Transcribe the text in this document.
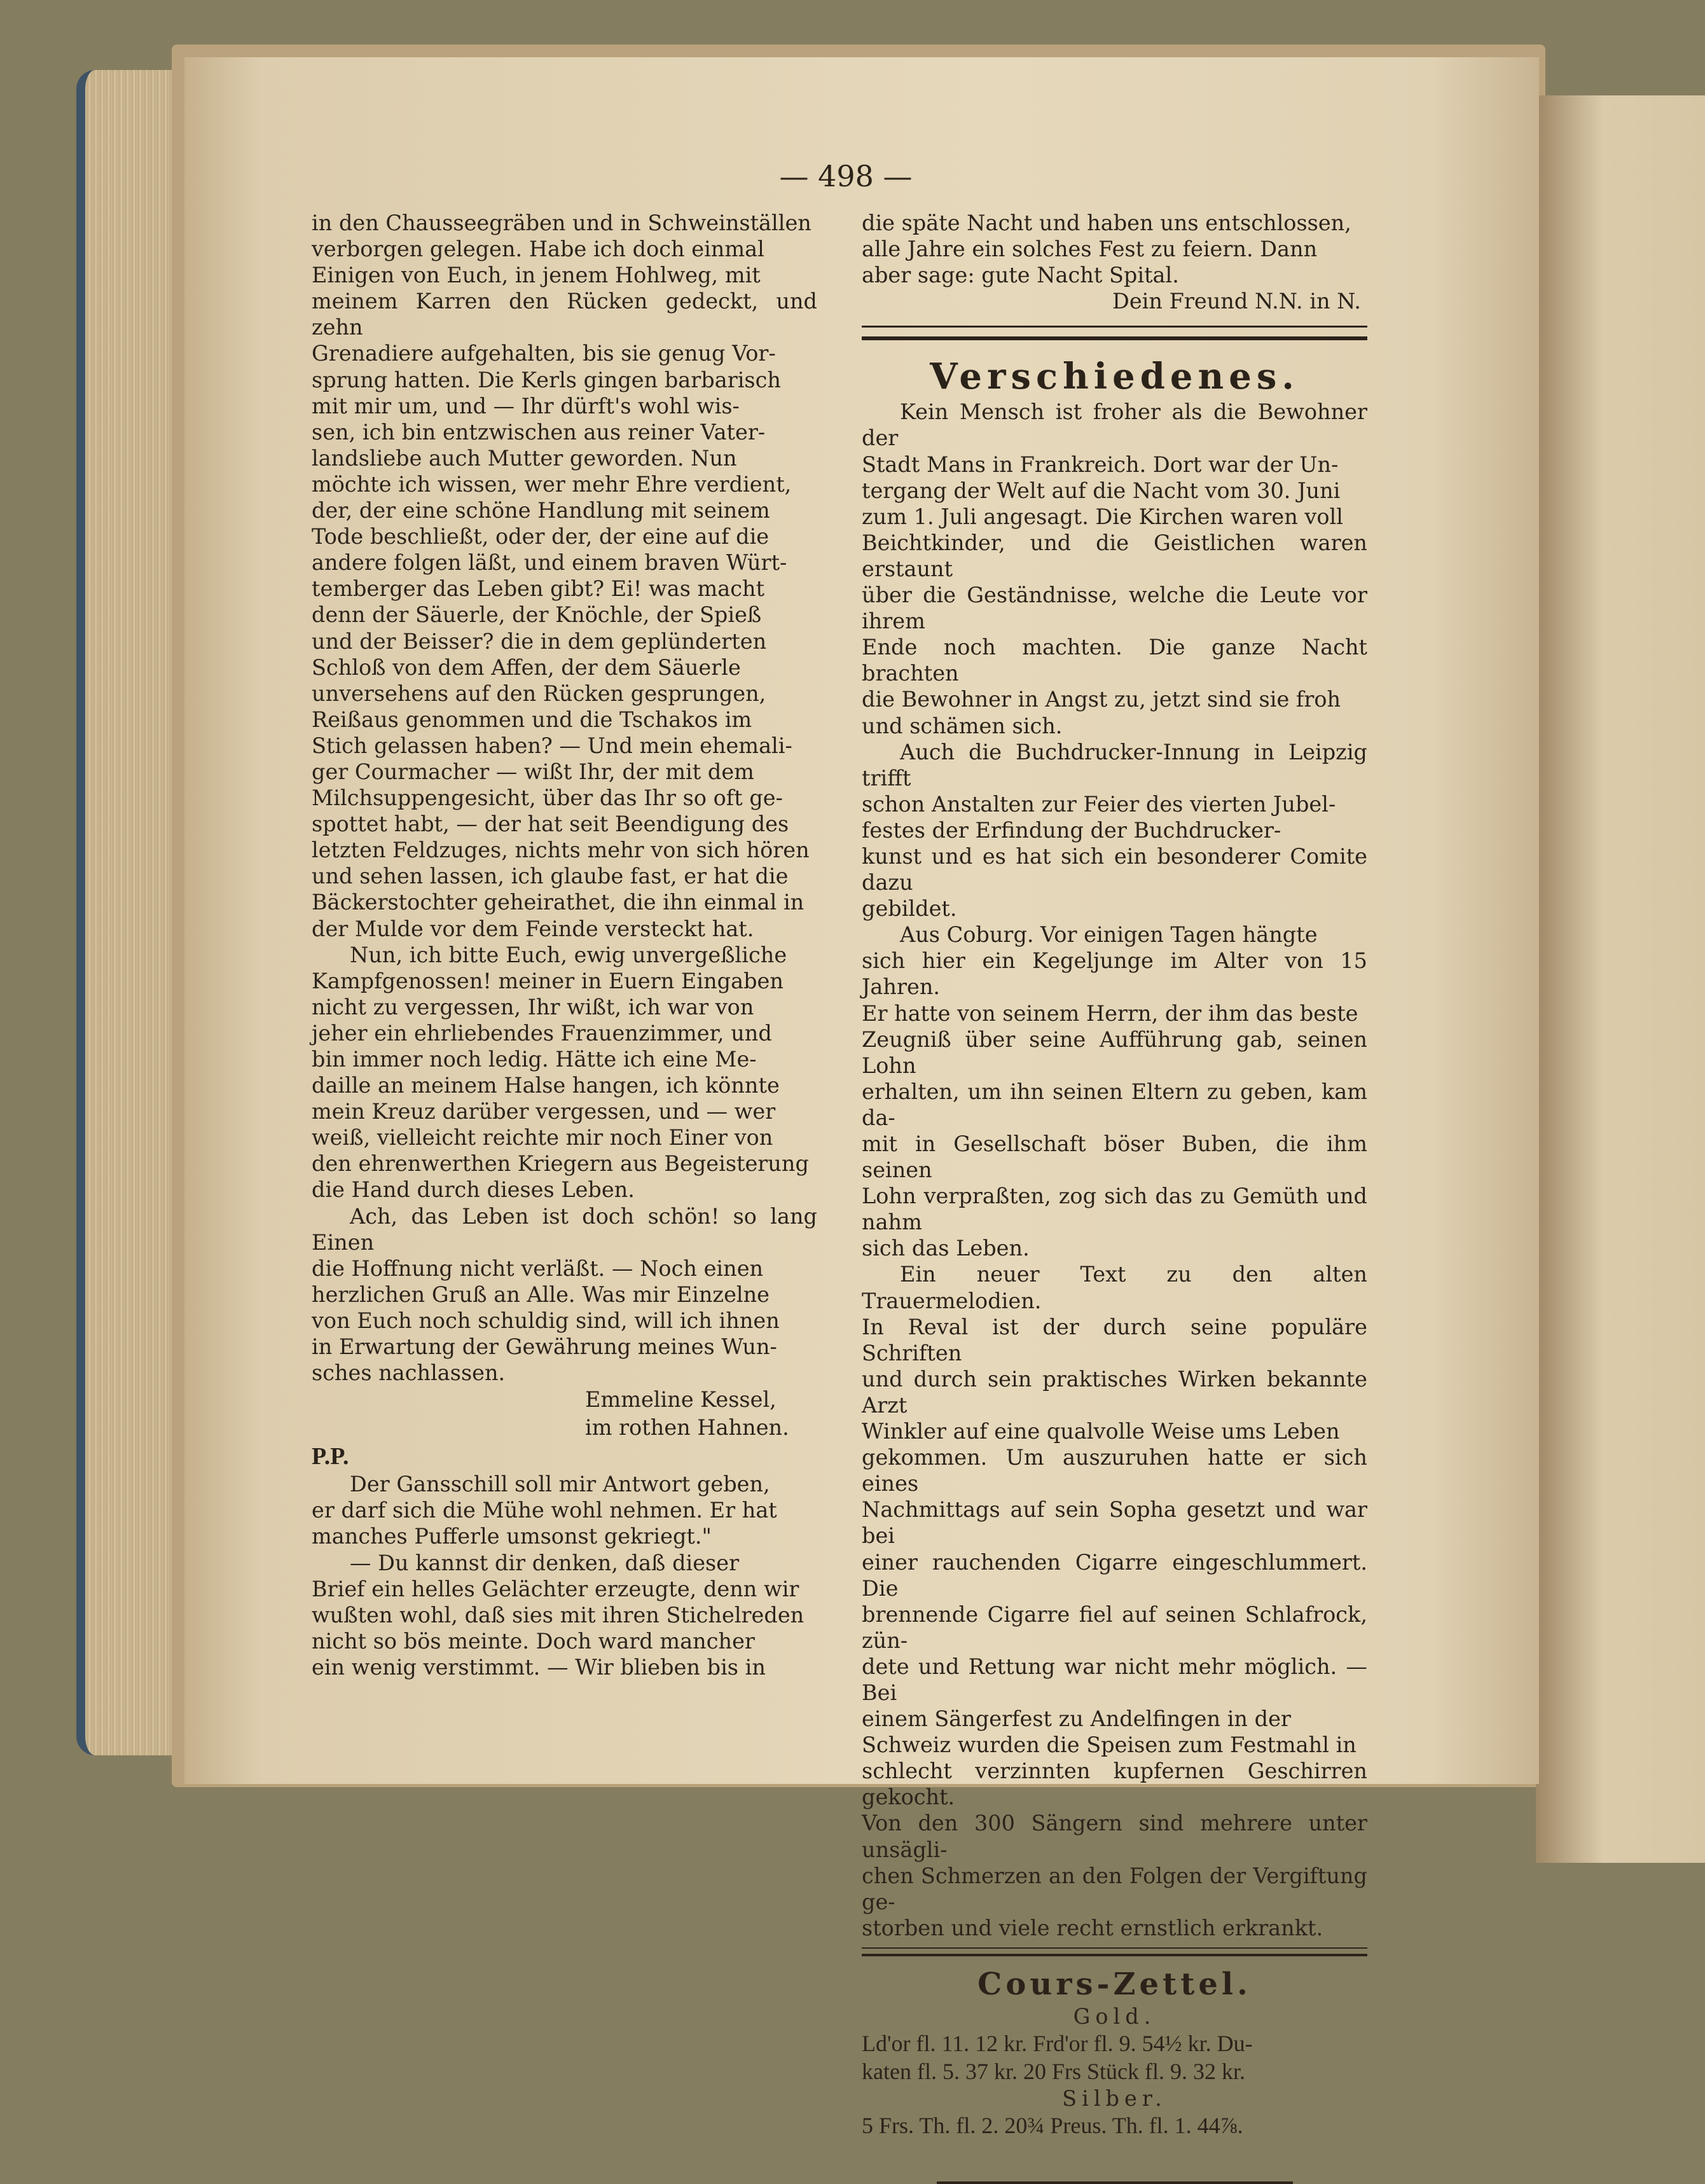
— 498 —

in den Chausseegräben und in Schweinställen
verborgen gelegen. Habe ich doch einmal
Einigen von Euch, in jenem Hohlweg, mit
meinem Karren den Rücken gedeckt, und zehn
Grenadiere aufgehalten, bis sie genug Vor-
sprung hatten. Die Kerls gingen barbarisch
mit mir um, und — Ihr dürft's wohl wis-
sen, ich bin entzwischen aus reiner Vater-
landsliebe auch Mutter geworden. Nun
möchte ich wissen, wer mehr Ehre verdient,
der, der eine schöne Handlung mit seinem
Tode beschließt, oder der, der eine auf die
andere folgen läßt, und einem braven Würt-
temberger das Leben gibt? Ei! was macht
denn der Säuerle, der Knöchle, der Spieß
und der Beisser? die in dem geplünderten
Schloß von dem Affen, der dem Säuerle
unversehens auf den Rücken gesprungen,
Reißaus genommen und die Tschakos im
Stich gelassen haben? — Und mein ehemali-
ger Courmacher — wißt Ihr, der mit dem
Milchsuppengesicht, über das Ihr so oft ge-
spottet habt, — der hat seit Beendigung des
letzten Feldzuges, nichts mehr von sich hören
und sehen lassen, ich glaube fast, er hat die
Bäckerstochter geheirathet, die ihn einmal in
der Mulde vor dem Feinde versteckt hat.

Nun, ich bitte Euch, ewig unvergeßliche
Kampfgenossen! meiner in Euern Eingaben
nicht zu vergessen, Ihr wißt, ich war von
jeher ein ehrliebendes Frauenzimmer, und
bin immer noch ledig. Hätte ich eine Me-
daille an meinem Halse hangen, ich könnte
mein Kreuz darüber vergessen, und — wer
weiß, vielleicht reichte mir noch Einer von
den ehrenwerthen Kriegern aus Begeisterung
die Hand durch dieses Leben.

Ach, das Leben ist doch schön! so lang Einen
die Hoffnung nicht verläßt. — Noch einen
herzlichen Gruß an Alle. Was mir Einzelne
von Euch noch schuldig sind, will ich ihnen
in Erwartung der Gewährung meines Wun-
sches nachlassen.

Emmeline Kessel,

im rothen Hahnen.

P.P.

Der Gansschill soll mir Antwort geben,
er darf sich die Mühe wohl nehmen. Er hat
manches Pufferle umsonst gekriegt."

— Du kannst dir denken, daß dieser
Brief ein helles Gelächter erzeugte, denn wir
wußten wohl, daß sies mit ihren Stichelreden
nicht so bös meinte. Doch ward mancher
ein wenig verstimmt. — Wir blieben bis in

die späte Nacht und haben uns entschlossen,
alle Jahre ein solches Fest zu feiern. Dann
aber sage: gute Nacht Spital.

Dein Freund N.N. in N.

Verschiedenes.

Kein Mensch ist froher als die Bewohner der
Stadt Mans in Frankreich. Dort war der Un-
tergang der Welt auf die Nacht vom 30. Juni
zum 1. Juli angesagt. Die Kirchen waren voll
Beichtkinder, und die Geistlichen waren erstaunt
über die Geständnisse, welche die Leute vor ihrem
Ende noch machten. Die ganze Nacht brachten
die Bewohner in Angst zu, jetzt sind sie froh
und schämen sich.

Auch die Buchdrucker-Innung in Leipzig trifft
schon Anstalten zur Feier des vierten Jubel-
festes der Erfindung der Buchdrucker-
kunst und es hat sich ein besonderer Comite dazu
gebildet.

Aus Coburg. Vor einigen Tagen hängte
sich hier ein Kegeljunge im Alter von 15 Jahren.
Er hatte von seinem Herrn, der ihm das beste
Zeugniß über seine Aufführung gab, seinen Lohn
erhalten, um ihn seinen Eltern zu geben, kam da-
mit in Gesellschaft böser Buben, die ihm seinen
Lohn verpraßten, zog sich das zu Gemüth und nahm
sich das Leben.

Ein neuer Text zu den alten Trauermelodien.
In Reval ist der durch seine populäre Schriften
und durch sein praktisches Wirken bekannte Arzt
Winkler auf eine qualvolle Weise ums Leben
gekommen. Um auszuruhen hatte er sich eines
Nachmittags auf sein Sopha gesetzt und war bei
einer rauchenden Cigarre eingeschlummert. Die
brennende Cigarre fiel auf seinen Schlafrock, zün-
dete und Rettung war nicht mehr möglich. — Bei
einem Sängerfest zu Andelfingen in der
Schweiz wurden die Speisen zum Festmahl in
schlecht verzinnten kupfernen Geschirren gekocht.
Von den 300 Sängern sind mehrere unter unsägli-
chen Schmerzen an den Folgen der Vergiftung ge-
storben und viele recht ernstlich erkrankt.

Cours-Zettel.

Gold.

Ld'or fl. 11. 12 kr. Frd'or fl. 9. 54½ kr. Du-
katen fl. 5. 37 kr. 20 Frs Stück fl. 9. 32 kr.

Silber.

5 Frs. Th. fl. 2. 20¾ Preus. Th. fl. 1. 44⅞.
